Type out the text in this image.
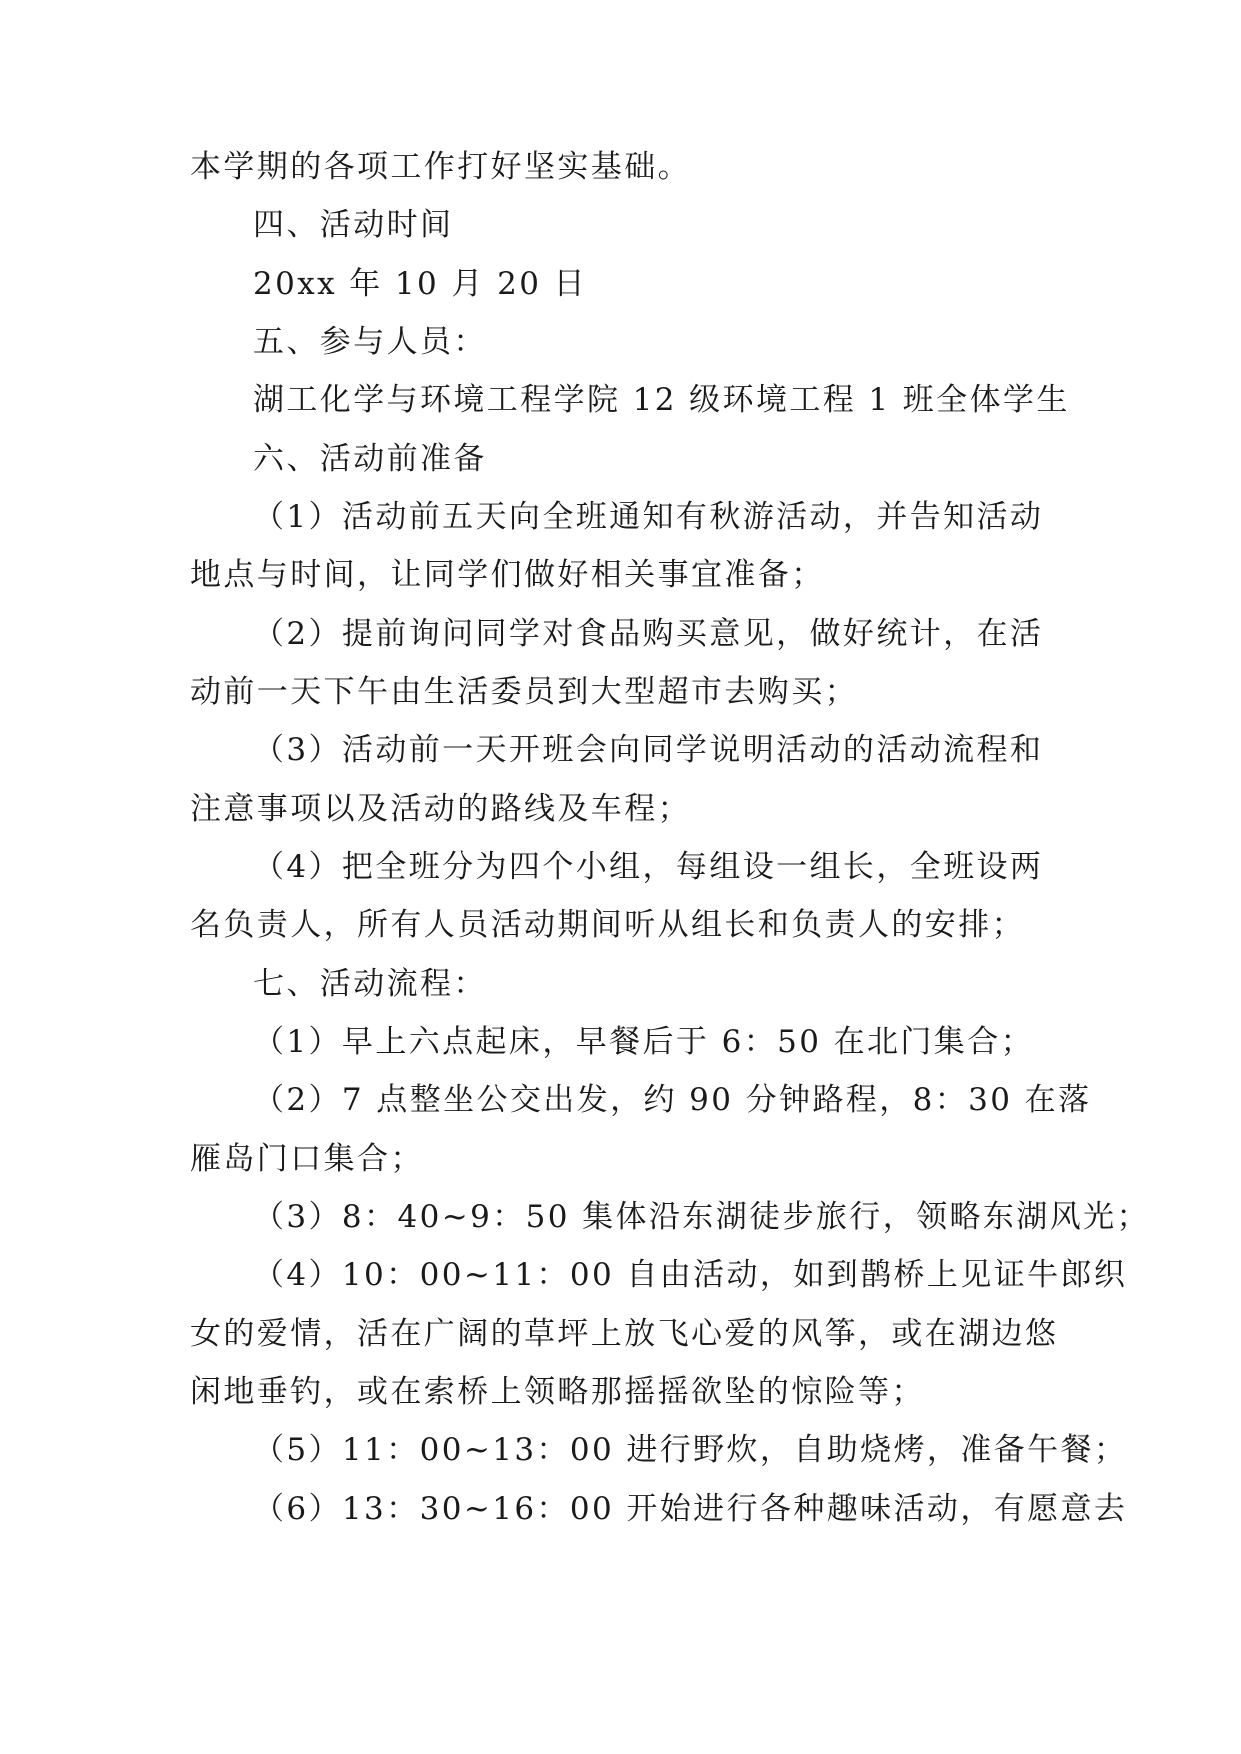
本学期的各项工作打好坚实基础。
四、活动时间
20xx 年 10 月 20 日
五、参与人员：
湖工化学与环境工程学院 12 级环境工程 1 班全体学生
六、活动前准备
（1）活动前五天向全班通知有秋游活动，并告知活动
地点与时间，让同学们做好相关事宜准备；
（2）提前询问同学对食品购买意见，做好统计，在活
动前一天下午由生活委员到大型超市去购买；
（3）活动前一天开班会向同学说明活动的活动流程和
注意事项以及活动的路线及车程；
（4）把全班分为四个小组，每组设一组长，全班设两
名负责人，所有人员活动期间听从组长和负责人的安排；
七、活动流程：
（1）早上六点起床，早餐后于 6：50 在北门集合；
（2）7 点整坐公交出发，约 90 分钟路程，8：30 在落
雁岛门口集合；
（3）8：40~9：50 集体沿东湖徒步旅行，领略东湖风光；
（4）10：00~11：00 自由活动，如到鹊桥上见证牛郎织
女的爱情，活在广阔的草坪上放飞心爱的风筝，或在湖边悠
闲地垂钓，或在索桥上领略那摇摇欲坠的惊险等；
（5）11：00~13：00 进行野炊，自助烧烤，准备午餐；
（6）13：30~16：00 开始进行各种趣味活动，有愿意去
